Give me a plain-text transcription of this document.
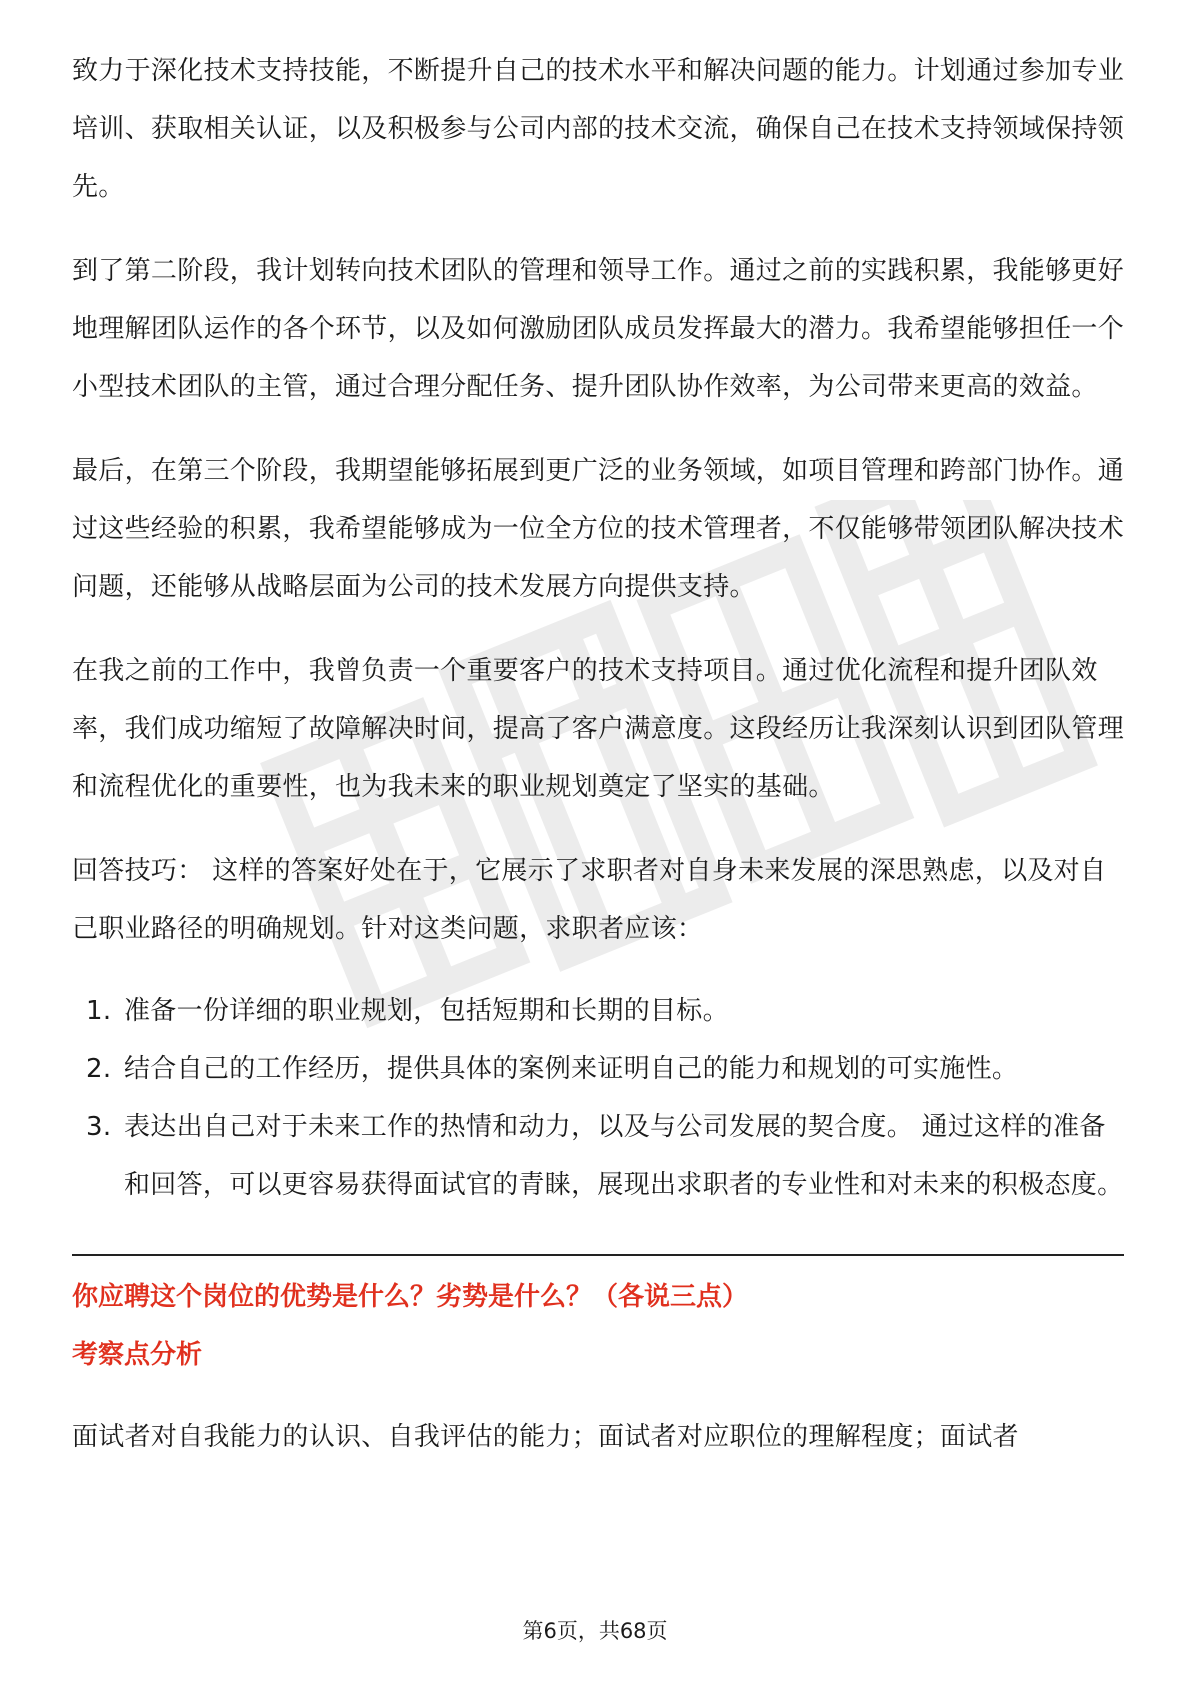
致力于深化技术支持技能，不断提升自己的技术水平和解决问题的能力。计划通过参加专业培训、获取相关认证，以及积极参与公司内部的技术交流，确保自己在技术支持领域保持领先。

到了第二阶段，我计划转向技术团队的管理和领导工作。通过之前的实践积累，我能够更好地理解团队运作的各个环节，以及如何激励团队成员发挥最大的潜力。我希望能够担任一个小型技术团队的主管，通过合理分配任务、提升团队协作效率，为公司带来更高的效益。

最后，在第三个阶段，我期望能够拓展到更广泛的业务领域，如项目管理和跨部门协作。通过这些经验的积累，我希望能够成为一位全方位的技术管理者，不仅能够带领团队解决技术问题，还能够从战略层面为公司的技术发展方向提供支持。

在我之前的工作中，我曾负责一个重要客户的技术支持项目。通过优化流程和提升团队效率，我们成功缩短了故障解决时间，提高了客户满意度。这段经历让我深刻认识到团队管理和流程优化的重要性，也为我未来的职业规划奠定了坚实的基础。

回答技巧： 这样的答案好处在于，它展示了求职者对自身未来发展的深思熟虑，以及对自己职业路径的明确规划。针对这类问题，求职者应该：

1. 准备一份详细的职业规划，包括短期和长期的目标。
2. 结合自己的工作经历，提供具体的案例来证明自己的能力和规划的可实施性。
3. 表达出自己对于未来工作的热情和动力，以及与公司发展的契合度。 通过这样的准备和回答，可以更容易获得面试官的青睐，展现出求职者的专业性和对未来的积极态度。
你应聘这个岗位的优势是什么？劣势是什么？（各说三点）
考察点分析

面试者对自我能力的认识、自我评估的能力；面试者对应职位的理解程度；面试者

第6页，共68页
